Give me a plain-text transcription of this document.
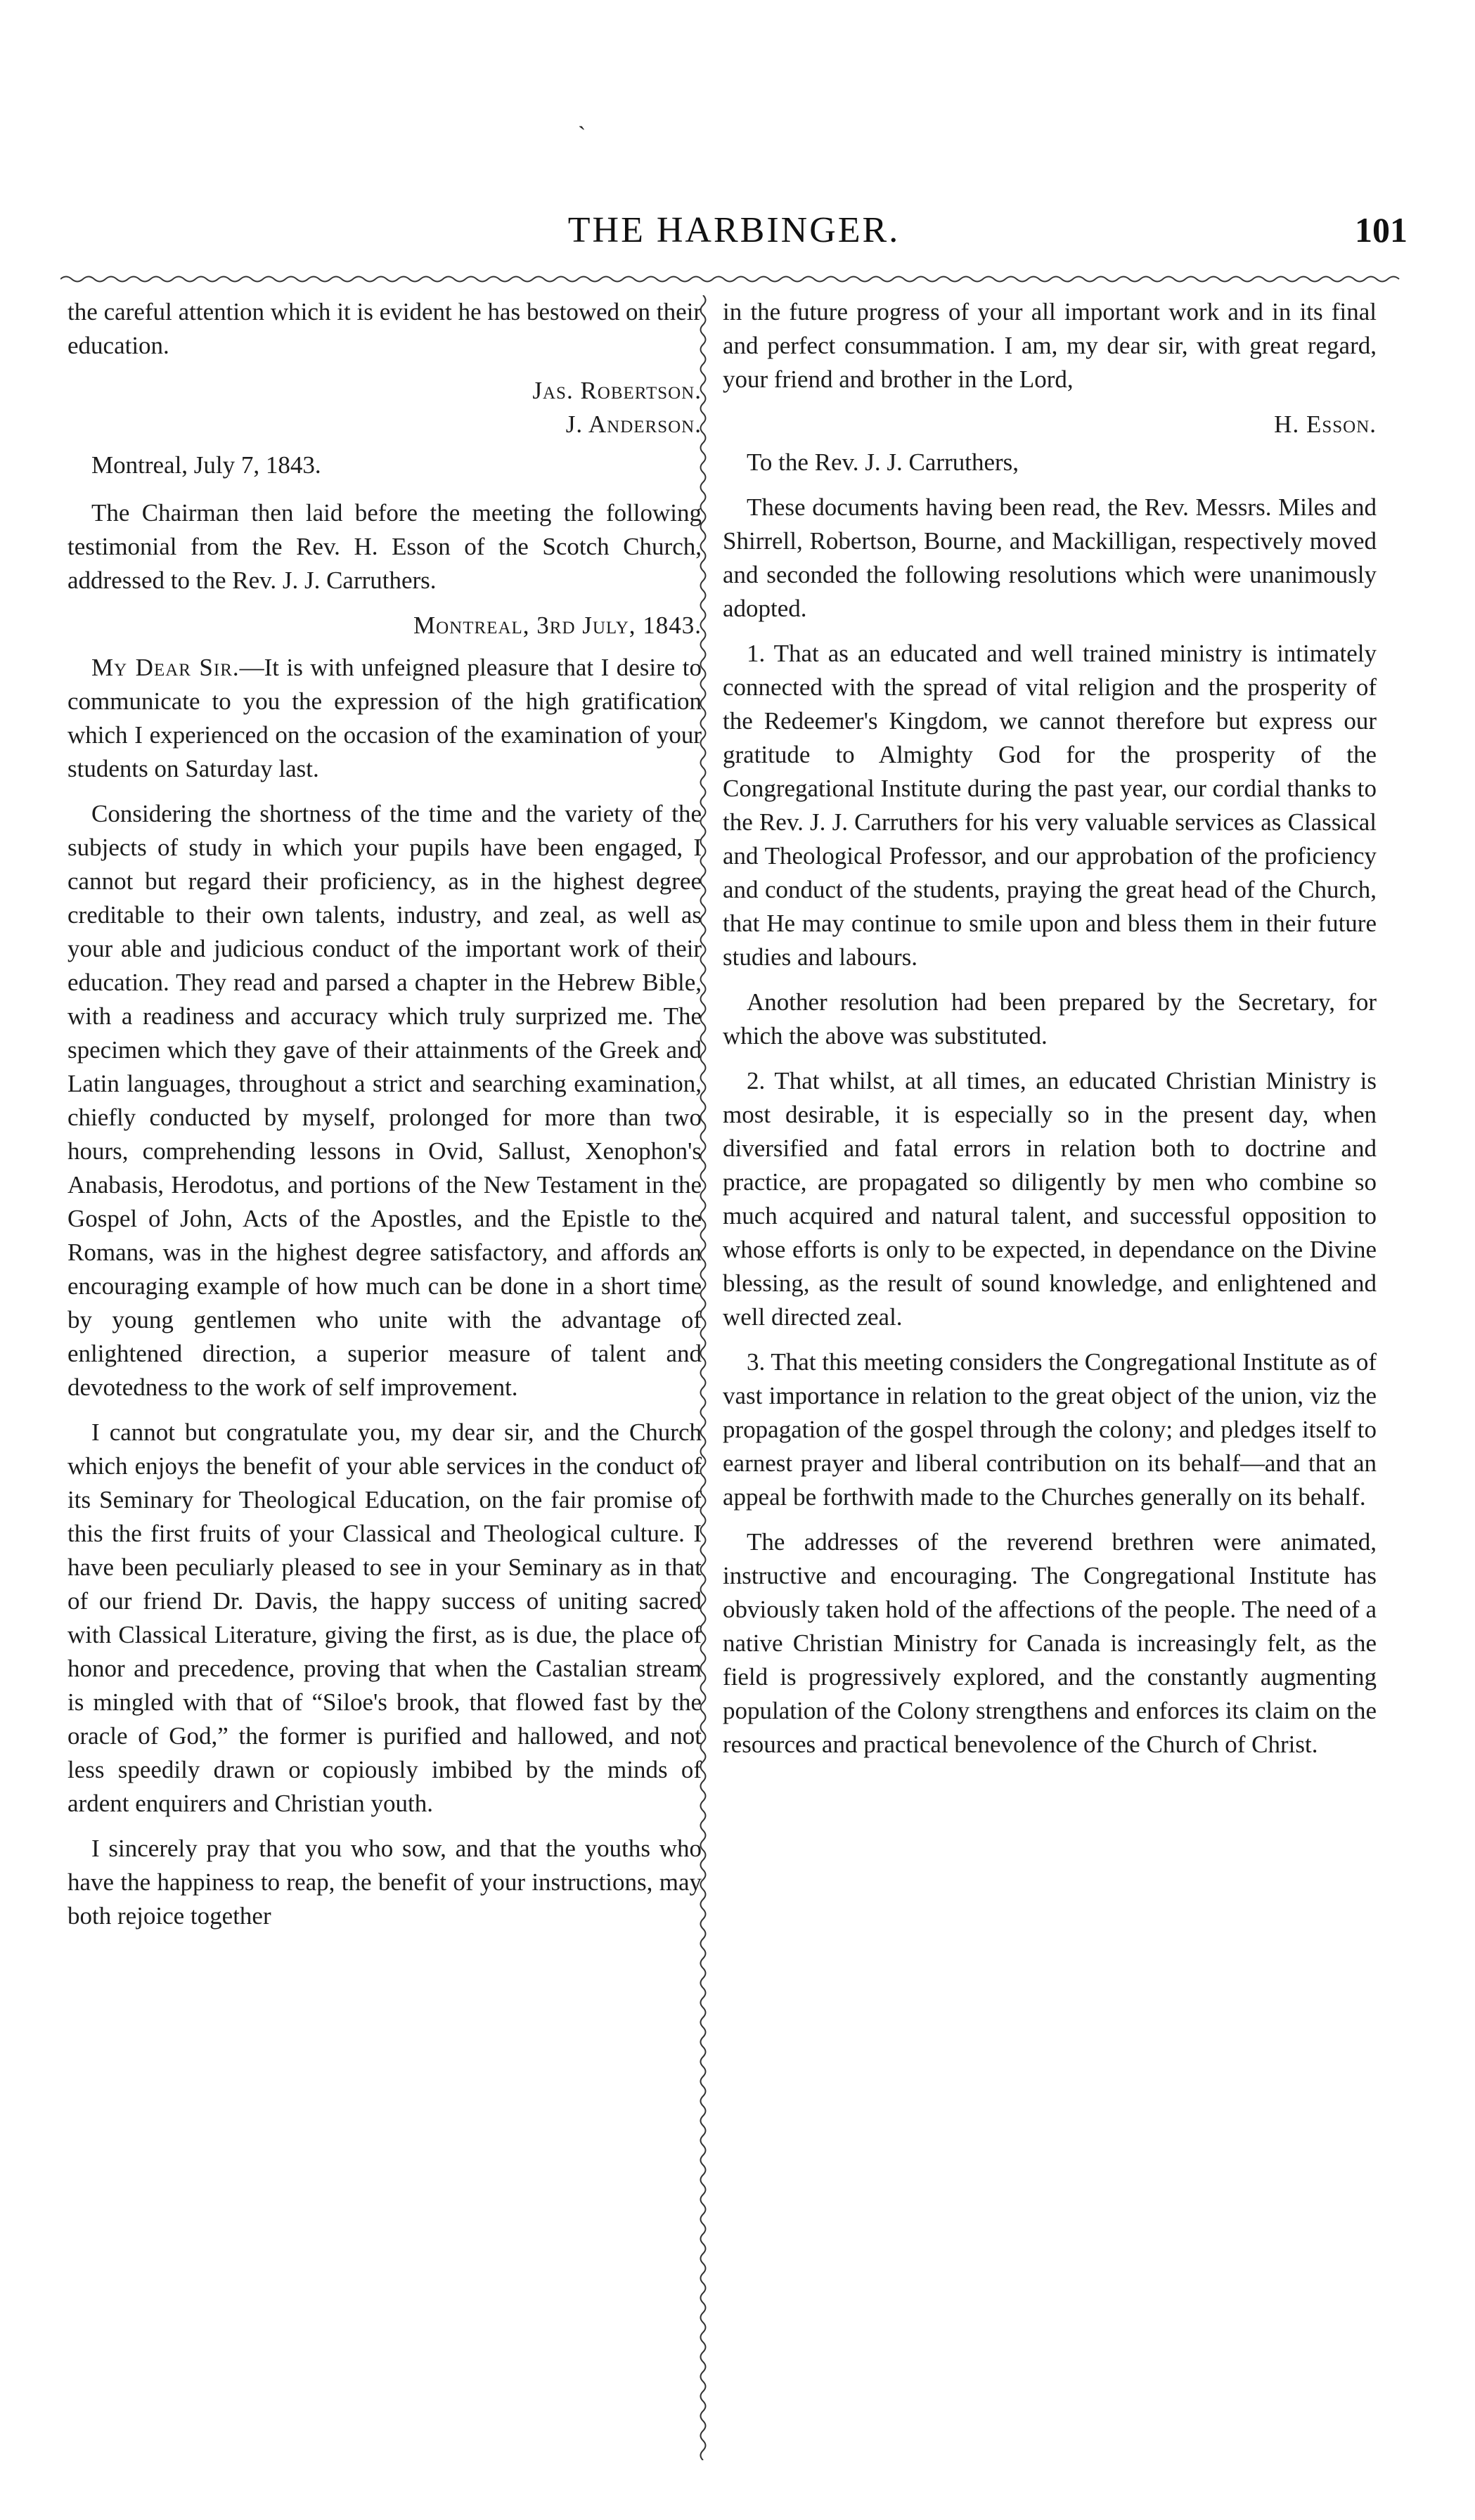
ˎ
THE HARBINGER.	101

the careful attention which it is evident he has bestowed on their education.

Jas. Robertson.

J. Anderson.

Montreal, July 7, 1843.

The Chairman then laid before the meeting the following testimonial from the Rev. H. Esson of the Scotch Church, addressed to the Rev. J. J. Carruthers.

Montreal, 3rd July, 1843.

My Dear Sir.—It is with unfeigned pleasure that I desire to communicate to you the expression of the high gratification which I experienced on the occasion of the examination of your students on Saturday last.

Considering the shortness of the time and the variety of the subjects of study in which your pupils have been engaged, I cannot but regard their proficiency, as in the highest degree creditable to their own talents, industry, and zeal, as well as your able and judicious conduct of the important work of their education. They read and parsed a chapter in the Hebrew Bible, with a readiness and accuracy which truly surprized me. The specimen which they gave of their attainments of the Greek and Latin languages, throughout a strict and searching examination, chiefly conducted by myself, prolonged for more than two hours, comprehending lessons in Ovid, Sallust, Xenophon's Anabasis, Herodotus, and portions of the New Testament in the Gospel of John, Acts of the Apostles, and the Epistle to the Romans, was in the highest degree satisfactory, and affords an encouraging example of how much can be done in a short time by young gentlemen who unite with the advantage of enlightened direction, a superior measure of talent and devotedness to the work of self improvement.

I cannot but congratulate you, my dear sir, and the Church which enjoys the benefit of your able services in the conduct of its Seminary for Theological Education, on the fair promise of this the first fruits of your Classical and Theological culture. I have been peculiarly pleased to see in your Seminary as in that of our friend Dr. Davis, the happy success of uniting sacred with Classical Literature, giving the first, as is due, the place of honor and precedence, proving that when the Castalian stream is mingled with that of “Siloe's brook, that flowed fast by the oracle of God,” the former is purified and hallowed, and not less speedily drawn or copiously imbibed by the minds of ardent enquirers and Christian youth.

I sincerely pray that you who sow, and that the youths who have the happiness to reap, the benefit of your instructions, may both rejoice together

in the future progress of your all important work and in its final and perfect consummation. I am, my dear sir, with great regard, your friend and brother in the Lord,

H. Esson.

To the Rev. J. J. Carruthers,

These documents having been read, the Rev. Messrs. Miles and Shirrell, Robertson, Bourne, and Mackilligan, respectively moved and seconded the following resolutions which were unanimously adopted.

1. That as an educated and well trained ministry is intimately connected with the spread of vital religion and the prosperity of the Redeemer's Kingdom, we cannot therefore but express our gratitude to Almighty God for the prosperity of the Congregational Institute during the past year, our cordial thanks to the Rev. J. J. Carruthers for his very valuable services as Classical and Theological Professor, and our approbation of the proficiency and conduct of the students, praying the great head of the Church, that He may continue to smile upon and bless them in their future studies and labours.

Another resolution had been prepared by the Secretary, for which the above was substituted.

2. That whilst, at all times, an educated Christian Ministry is most desirable, it is especially so in the present day, when diversified and fatal errors in relation both to doctrine and practice, are propagated so diligently by men who combine so much acquired and natural talent, and successful opposition to whose efforts is only to be expected, in dependance on the Divine blessing, as the result of sound knowledge, and enlightened and well directed zeal.

3. That this meeting considers the Congregational Institute as of vast importance in relation to the great object of the union, viz the propagation of the gospel through the colony; and pledges itself to earnest prayer and liberal contribution on its behalf—and that an appeal be forthwith made to the Churches generally on its behalf.

The addresses of the reverend brethren were animated, instructive and encouraging. The Congregational Institute has obviously taken hold of the affections of the people. The need of a native Christian Ministry for Canada is increasingly felt, as the field is progressively explored, and the constantly augmenting population of the Colony strengthens and enforces its claim on the resources and practical benevolence of the Church of Christ.
